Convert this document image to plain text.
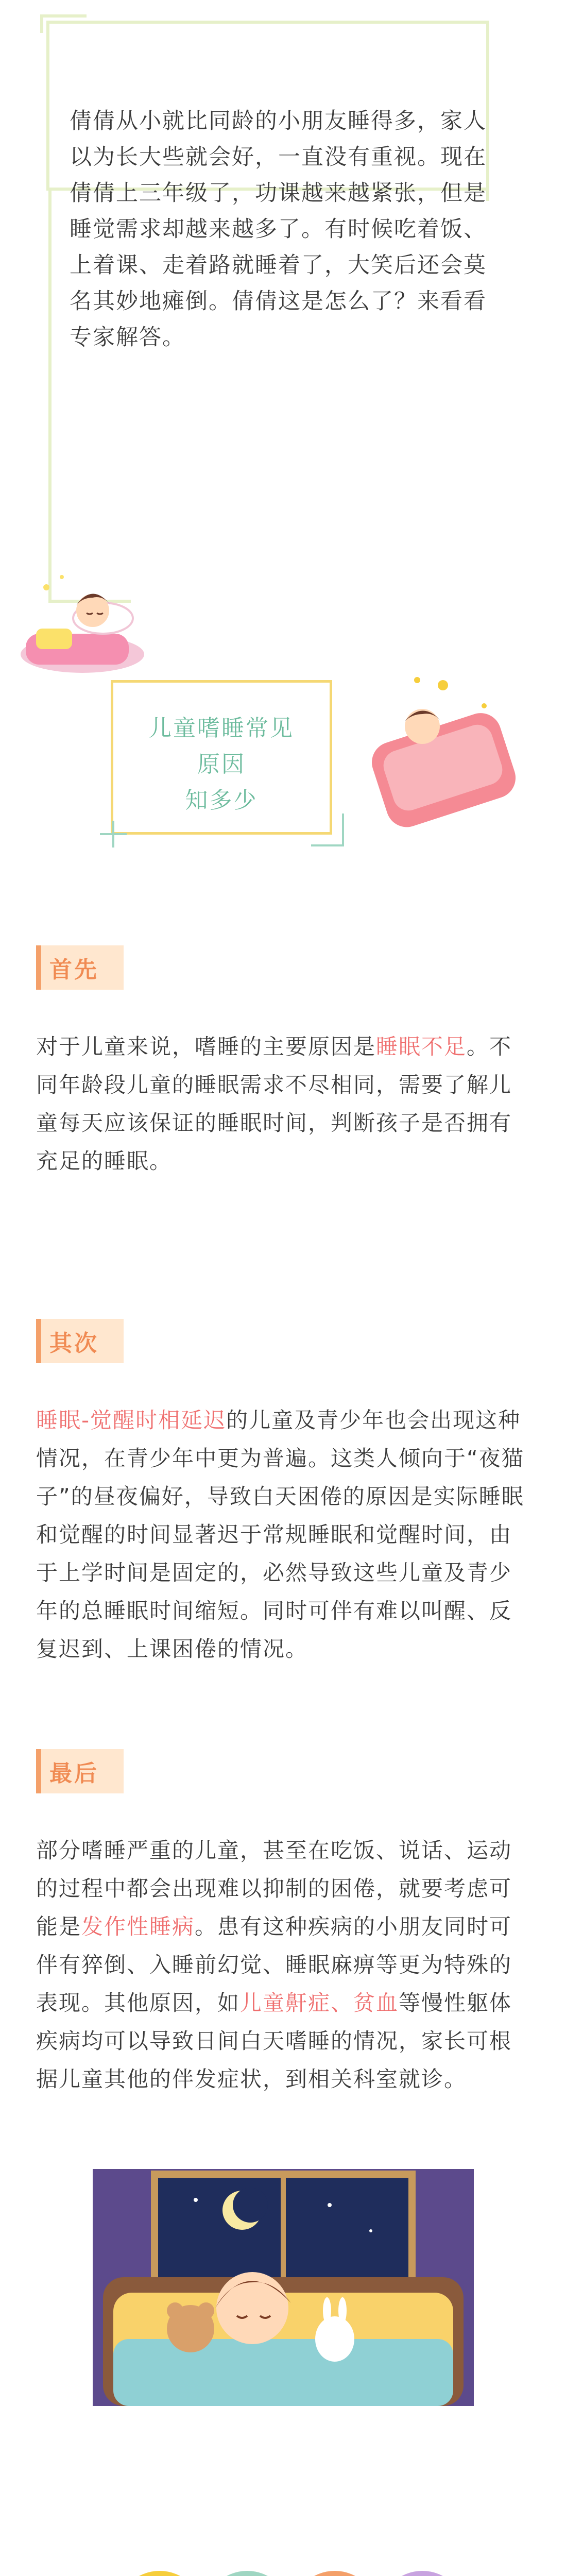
倩倩从小就比同龄的小朋友睡得多，家人以为长大些就会好，一直没有重视。现在倩倩上三年级了，功课越来越紧张，但是睡觉需求却越来越多了。有时候吃着饭、上着课、走着路就睡着了，大笑后还会莫名其妙地瘫倒。倩倩这是怎么了？来看看专家解答。

儿童嗜睡常见
原因
知多少
首先

对于儿童来说，嗜睡的主要原因是睡眠不足。不同年龄段儿童的睡眠需求不尽相同，需要了解儿童每天应该保证的睡眠时间，判断孩子是否拥有充足的睡眠。

其次

睡眠-觉醒时相延迟的儿童及青少年也会出现这种情况，在青少年中更为普遍。这类人倾向于“夜猫子”的昼夜偏好，导致白天困倦的原因是实际睡眠和觉醒的时间显著迟于常规睡眠和觉醒时间，由于上学时间是固定的，必然导致这些儿童及青少年的总睡眠时间缩短。同时可伴有难以叫醒、反复迟到、上课困倦的情况。

最后

部分嗜睡严重的儿童，甚至在吃饭、说话、运动的过程中都会出现难以抑制的困倦，就要考虑可能是发作性睡病。患有这种疾病的小朋友同时可伴有猝倒、入睡前幻觉、睡眠麻痹等更为特殊的表现。其他原因，如儿童鼾症、贫血等慢性躯体疾病均可以导致日间白天嗜睡的情况，家长可根据儿童其他的伴发症状，到相关科室就诊。
